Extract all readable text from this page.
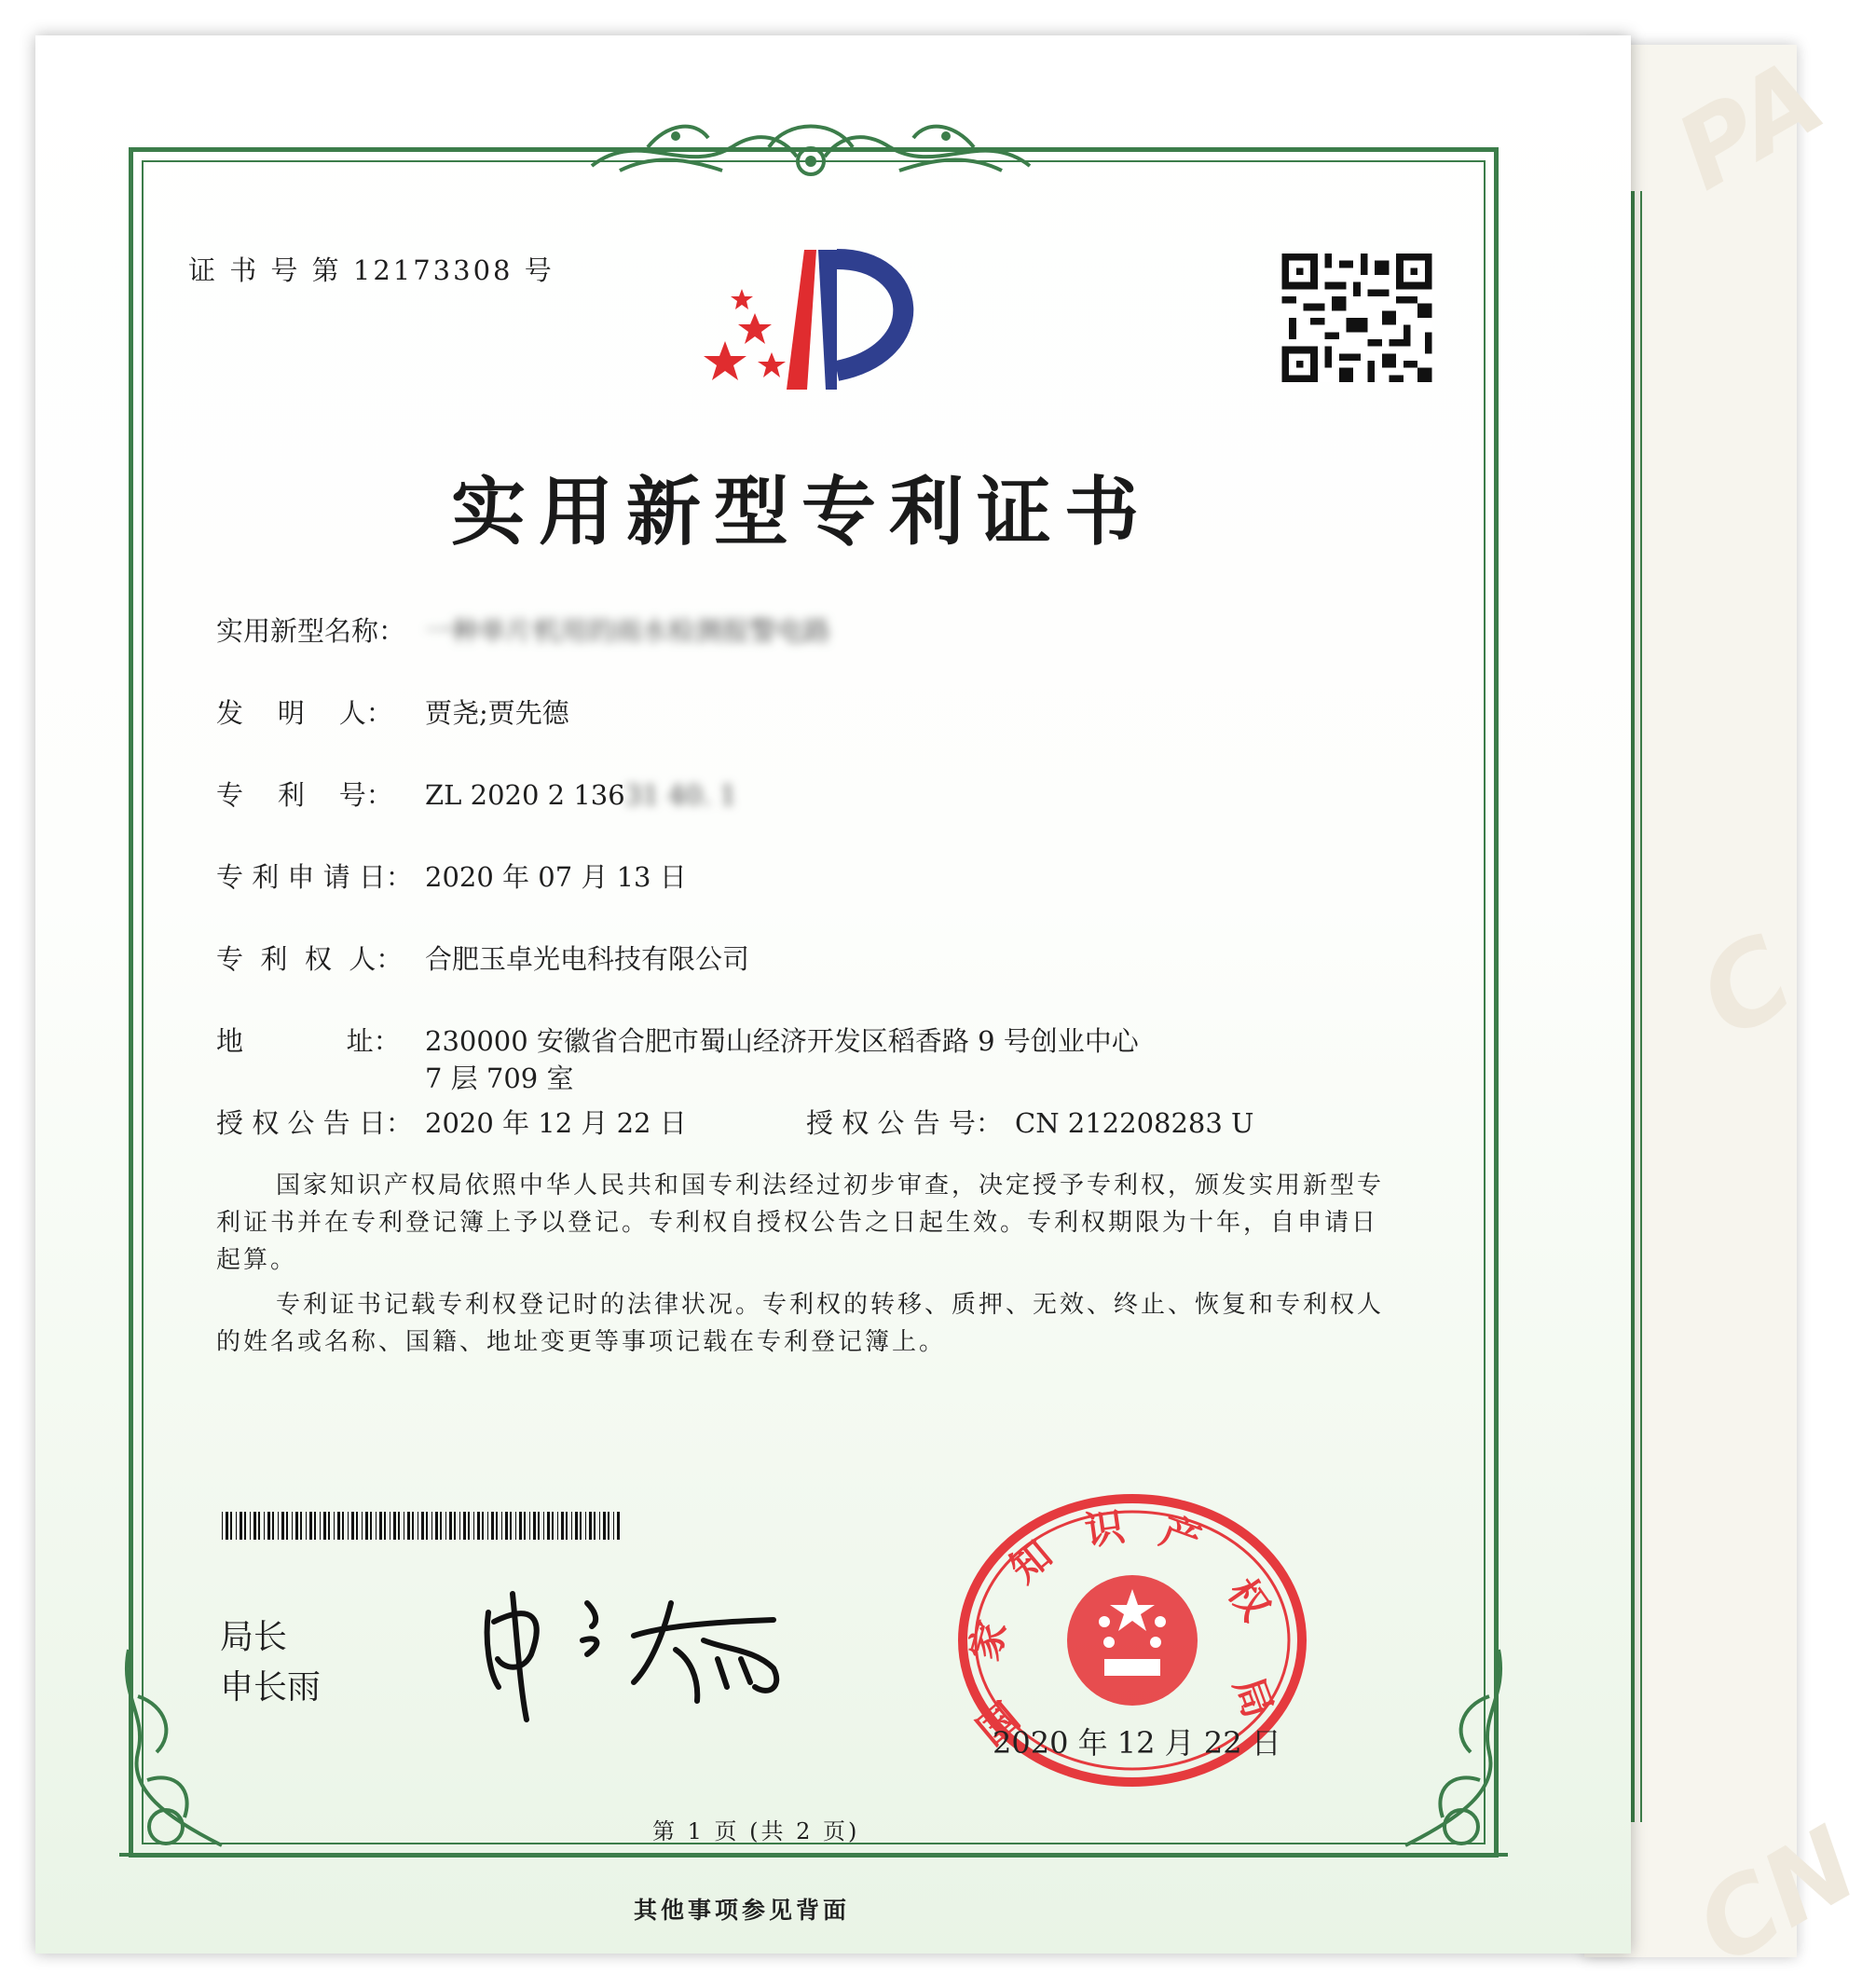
PA
C
CN
证 书 号 第 12173308 号
实用新型专利证书
实用新型名称： 一种单片机用的雨水检测报警电路
发    明    人： 贾尧;贾先德
专    利    号： ZL 2020 2 13631 40. 1
专 利 申 请 日： 2020 年 07 月 13 日
专  利  权  人： 合肥玉卓光电科技有限公司
地            址： 230000 安徽省合肥市蜀山经济开发区稻香路 9 号创业中心
7 层 709 室
授 权 公 告 日： 2020 年 12 月 22 日	授 权 公 告 号： CN 212208283 U
国家知识产权局依照中华人民共和国专利法经过初步审查，决定授予专利权，颁发实用新型专利证书并在专利登记簿上予以登记。专利权自授权公告之日起生效。专利权期限为十年，自申请日起算。
专利证书记载专利权登记时的法律状况。专利权的转移、质押、无效、终止、恢复和专利权人的姓名或名称、国籍、地址变更等事项记载在专利登记簿上。
局长
申长雨
国
家
知
识 产
权
局
2020 年 12 月 22 日
第 1 页 (共 2 页)
其他事项参见背面
